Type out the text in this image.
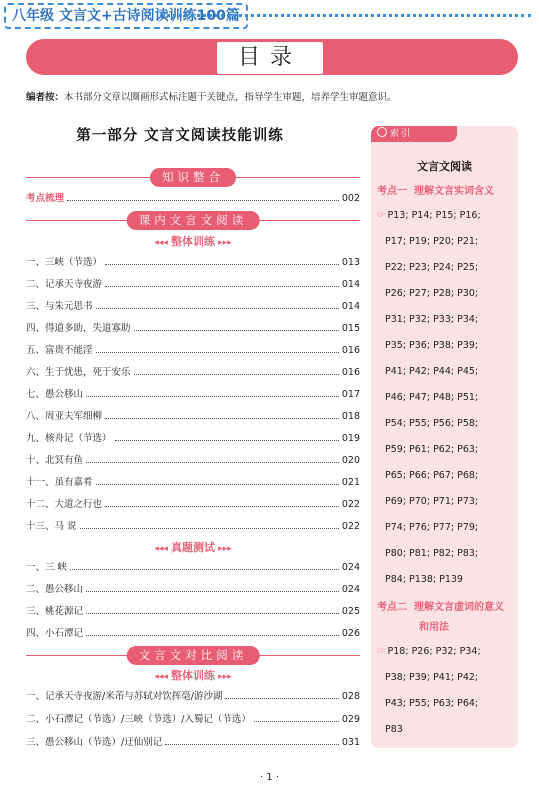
八年级 文言文+古诗阅读训练100篇
目录
编者按：本书部分文章以圈画形式标注题干关键点，指导学生审题，培养学生审题意识。
第一部分 文言文阅读技能训练
知识整合
考点梳理	002
课内文言文阅读
◂◂◂ 整体训练 ▸▸▸
一、三峡（节选）	013
二、记承天寺夜游	014
三、与朱元思书	014
四、得道多助，失道寡助	015
五、富贵不能淫	016
六、生于忧患，死于安乐	016
七、愚公移山	017
八、周亚夫军细柳	018
九、核舟记（节选）	019
十、北冥有鱼	020
十一、虽有嘉肴	021
十二、大道之行也	022
十三、马 说	022
◂◂◂ 真题测试 ▸▸▸
一、三 峡	024
二、愚公移山	024
三、桃花源记	025
四、小石潭记	026
文言文对比阅读
◂◂◂ 整体训练 ▸▸▸
一、记承天寺夜游/米芾与苏轼对饮挥毫/游沙湖	028
二、小石潭记（节选）/三峡（节选）/入蜀记（节选）	029
三、愚公移山（节选）/迂仙别记	031
索引
文言文阅读
考点一 理解文言实词含义
☞ P13; P14; P15; P16;
P17; P19; P20; P21;
P22; P23; P24; P25;
P26; P27; P28; P30;
P31; P32; P33; P34;
P35; P36; P38; P39;
P41; P42; P44; P45;
P46; P47; P48; P51;
P54; P55; P56; P58;
P59; P61; P62; P63;
P65; P66; P67; P68;
P69; P70; P71; P73;
P74; P76; P77; P79;
P80; P81; P82; P83;
P84; P138; P139
考点二 理解文言虚词的意义
和用法
☞ P18; P26; P32; P34;
P38; P39; P41; P42;
P43; P55; P63; P64;
P83
· 1 ·
